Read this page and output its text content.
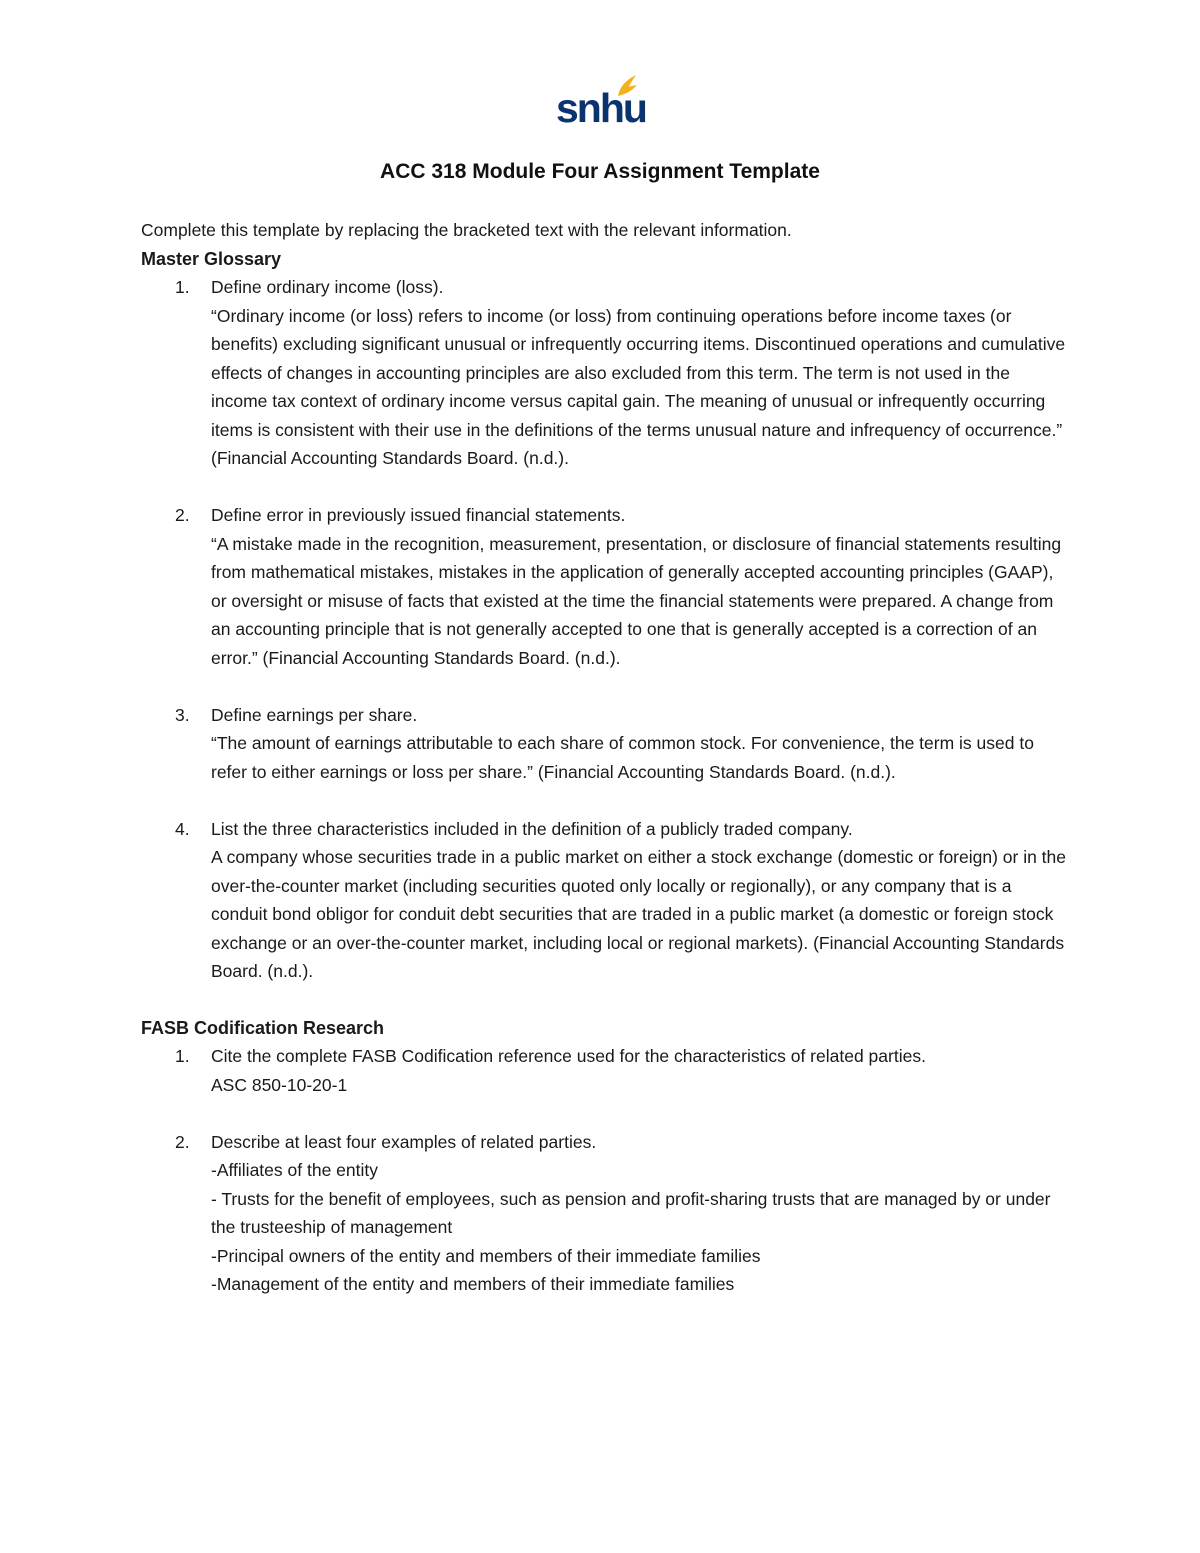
snhu
ACC 318 Module Four Assignment Template

Complete this template by replacing the bracketed text with the relevant information.

Master Glossary
1. Define ordinary income (loss).
“Ordinary income (or loss) refers to income (or loss) from continuing operations before income taxes (or benefits) excluding significant unusual or infrequently occurring items. Discontinued operations and cumulative effects of changes in accounting principles are also excluded from this term. The term is not used in the income tax context of ordinary income versus capital gain. The meaning of unusual or infrequently occurring items is consistent with their use in the definitions of the terms unusual nature and infrequency of occurrence.” (Financial Accounting Standards Board. (n.d.).
2. Define error in previously issued financial statements.
“A mistake made in the recognition, measurement, presentation, or disclosure of financial statements resulting from mathematical mistakes, mistakes in the application of generally accepted accounting principles (GAAP), or oversight or misuse of facts that existed at the time the financial statements were prepared. A change from an accounting principle that is not generally accepted to one that is generally accepted is a correction of an error.” (Financial Accounting Standards Board. (n.d.).
3. Define earnings per share.
“The amount of earnings attributable to each share of common stock. For convenience, the term is used to refer to either earnings or loss per share.” (Financial Accounting Standards Board. (n.d.).
4. List the three characteristics included in the definition of a publicly traded company.
A company whose securities trade in a public market on either a stock exchange (domestic or foreign) or in the over-the-counter market (including securities quoted only locally or regionally), or any company that is a conduit bond obligor for conduit debt securities that are traded in a public market (a domestic or foreign stock exchange or an over-the-counter market, including local or regional markets). (Financial Accounting Standards Board. (n.d.).
FASB Codification Research
1. Cite the complete FASB Codification reference used for the characteristics of related parties.
ASC 850-10-20-1
2. Describe at least four examples of related parties.
-Affiliates of the entity
- Trusts for the benefit of employees, such as pension and profit-sharing trusts that are managed by or under the trusteeship of management
-Principal owners of the entity and members of their immediate families
-Management of the entity and members of their immediate families
